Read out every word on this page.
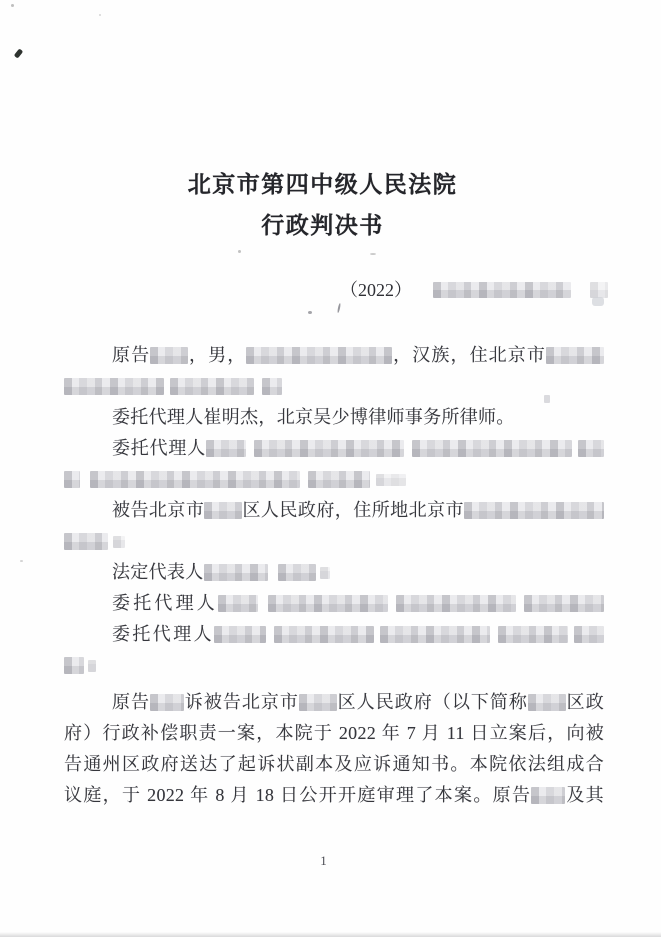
北京市第四中级人民法院
行政判决书
（2022）
原告 ，男，	，汉族，住北京市
委托代理人崔明杰，北京吴少博律师事务所律师。
委托代理人
被告北京市 区人民政府，住所地北京市
法定代表人
委托代理人
委托代理人
原告 诉被告北京市 区人民政府（以下简称 区政
府）行政补偿职责一案，本院于 2022 年 7 月 11 日立案后，向被
告通州区政府送达了起诉状副本及应诉通知书。本院依法组成合
议庭，于 2022 年 8 月 18 日公开开庭审理了本案。原告 及其
1
